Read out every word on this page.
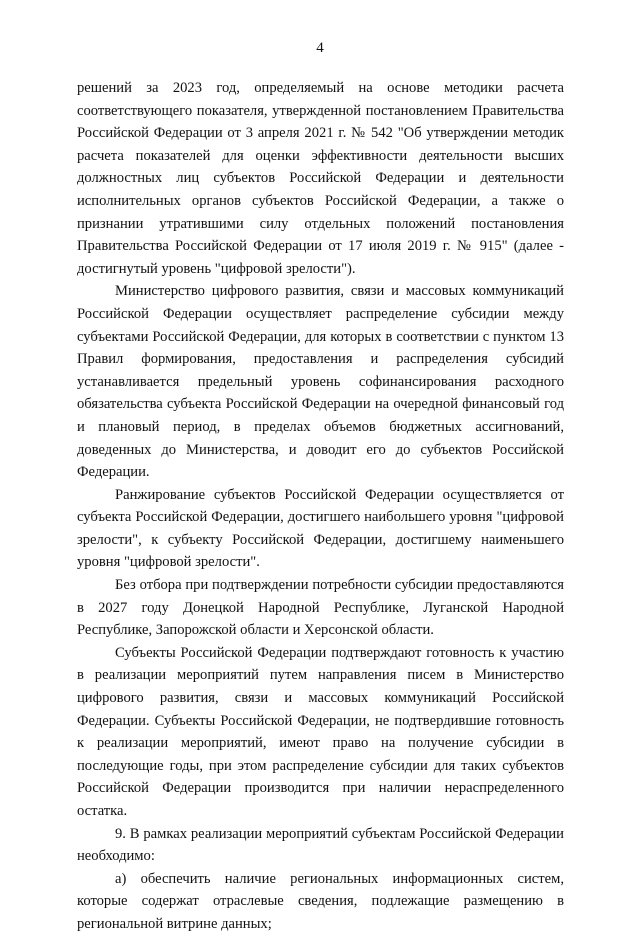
4

решений за 2023 год, определяемый на основе методики расчета соответствующего показателя, утвержденной постановлением Правительства Российской Федерации от 3 апреля 2021 г. № 542 "Об утверждении методик расчета показателей для оценки эффективности деятельности высших должностных лиц субъектов Российской Федерации и деятельности исполнительных органов субъектов Российской Федерации, а также о признании утратившими силу отдельных положений постановления Правительства Российской Федерации от 17 июля 2019 г. № 915" (далее - достигнутый уровень "цифровой зрелости").

Министерство цифрового развития, связи и массовых коммуникаций Российской Федерации осуществляет распределение субсидии между субъектами Российской Федерации, для которых в соответствии с пунктом 13 Правил формирования, предоставления и распределения субсидий устанавливается предельный уровень софинансирования расходного обязательства субъекта Российской Федерации на очередной финансовый год и плановый период, в пределах объемов бюджетных ассигнований, доведенных до Министерства, и доводит его до субъектов Российской Федерации.

Ранжирование субъектов Российской Федерации осуществляется от субъекта Российской Федерации, достигшего наибольшего уровня "цифровой зрелости", к субъекту Российской Федерации, достигшему наименьшего уровня "цифровой зрелости".

Без отбора при подтверждении потребности субсидии предоставляются в 2027 году Донецкой Народной Республике, Луганской Народной Республике, Запорожской области и Херсонской области.

Субъекты Российской Федерации подтверждают готовность к участию в реализации мероприятий путем направления писем в Министерство цифрового развития, связи и массовых коммуникаций Российской Федерации. Субъекты Российской Федерации, не подтвердившие готовность к реализации мероприятий, имеют право на получение субсидии в последующие годы, при этом распределение субсидии для таких субъектов Российской Федерации производится при наличии нераспределенного остатка.

9. В рамках реализации мероприятий субъектам Российской Федерации необходимо:

а) обеспечить наличие региональных информационных систем, которые содержат отраслевые сведения, подлежащие размещению в региональной витрине данных;
